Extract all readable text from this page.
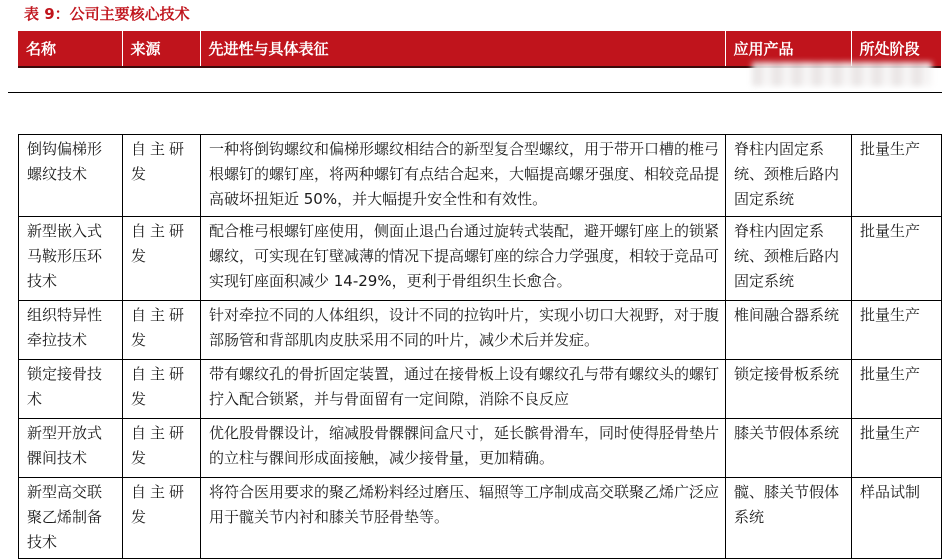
表 9：公司主要核心技术
名称	来源	先进性与具体表征	应用产品	所处阶段
倒钩偏梯形螺纹技术	自主研发	一种将倒钩螺纹和偏梯形螺纹相结合的新型复合型螺纹，用于带开口槽的椎弓根螺钉的螺钉座，将两种螺钉有点结合起来，大幅提高螺牙强度、相较竞品提高破坏扭矩近 50%，并大幅提升安全性和有效性。	脊柱内固定系统、颈椎后路内固定系统	批量生产
新型嵌入式马鞍形压环技术	自主研发	配合椎弓根螺钉座使用，侧面止退凸台通过旋转式装配，避开螺钉座上的锁紧螺纹，可实现在钉壁减薄的情况下提高螺钉座的综合力学强度，相较于竞品可实现钉座面积减少 14-29%，更利于骨组织生长愈合。	脊柱内固定系统、颈椎后路内固定系统	批量生产
组织特异性牵拉技术	自主研发	针对牵拉不同的人体组织，设计不同的拉钩叶片，实现小切口大视野，对于腹部肠管和背部肌肉皮肤采用不同的叶片，减少术后并发症。	椎间融合器系统	批量生产
锁定接骨技术	自主研发	带有螺纹孔的骨折固定装置，通过在接骨板上设有螺纹孔与带有螺纹头的螺钉拧入配合锁紧，并与骨面留有一定间隙，消除不良反应	锁定接骨板系统	批量生产
新型开放式髁间技术	自主研发	优化股骨髁设计，缩减股骨髁髁间盒尺寸，延长髌骨滑车，同时使得胫骨垫片的立柱与髁间形成面接触，减少接骨量，更加精确。	膝关节假体系统	批量生产
新型高交联聚乙烯制备技术	自主研发	将符合医用要求的聚乙烯粉料经过磨压、辐照等工序制成高交联聚乙烯广泛应用于髋关节内衬和膝关节胫骨垫等。	髋、膝关节假体系统	样品试制
